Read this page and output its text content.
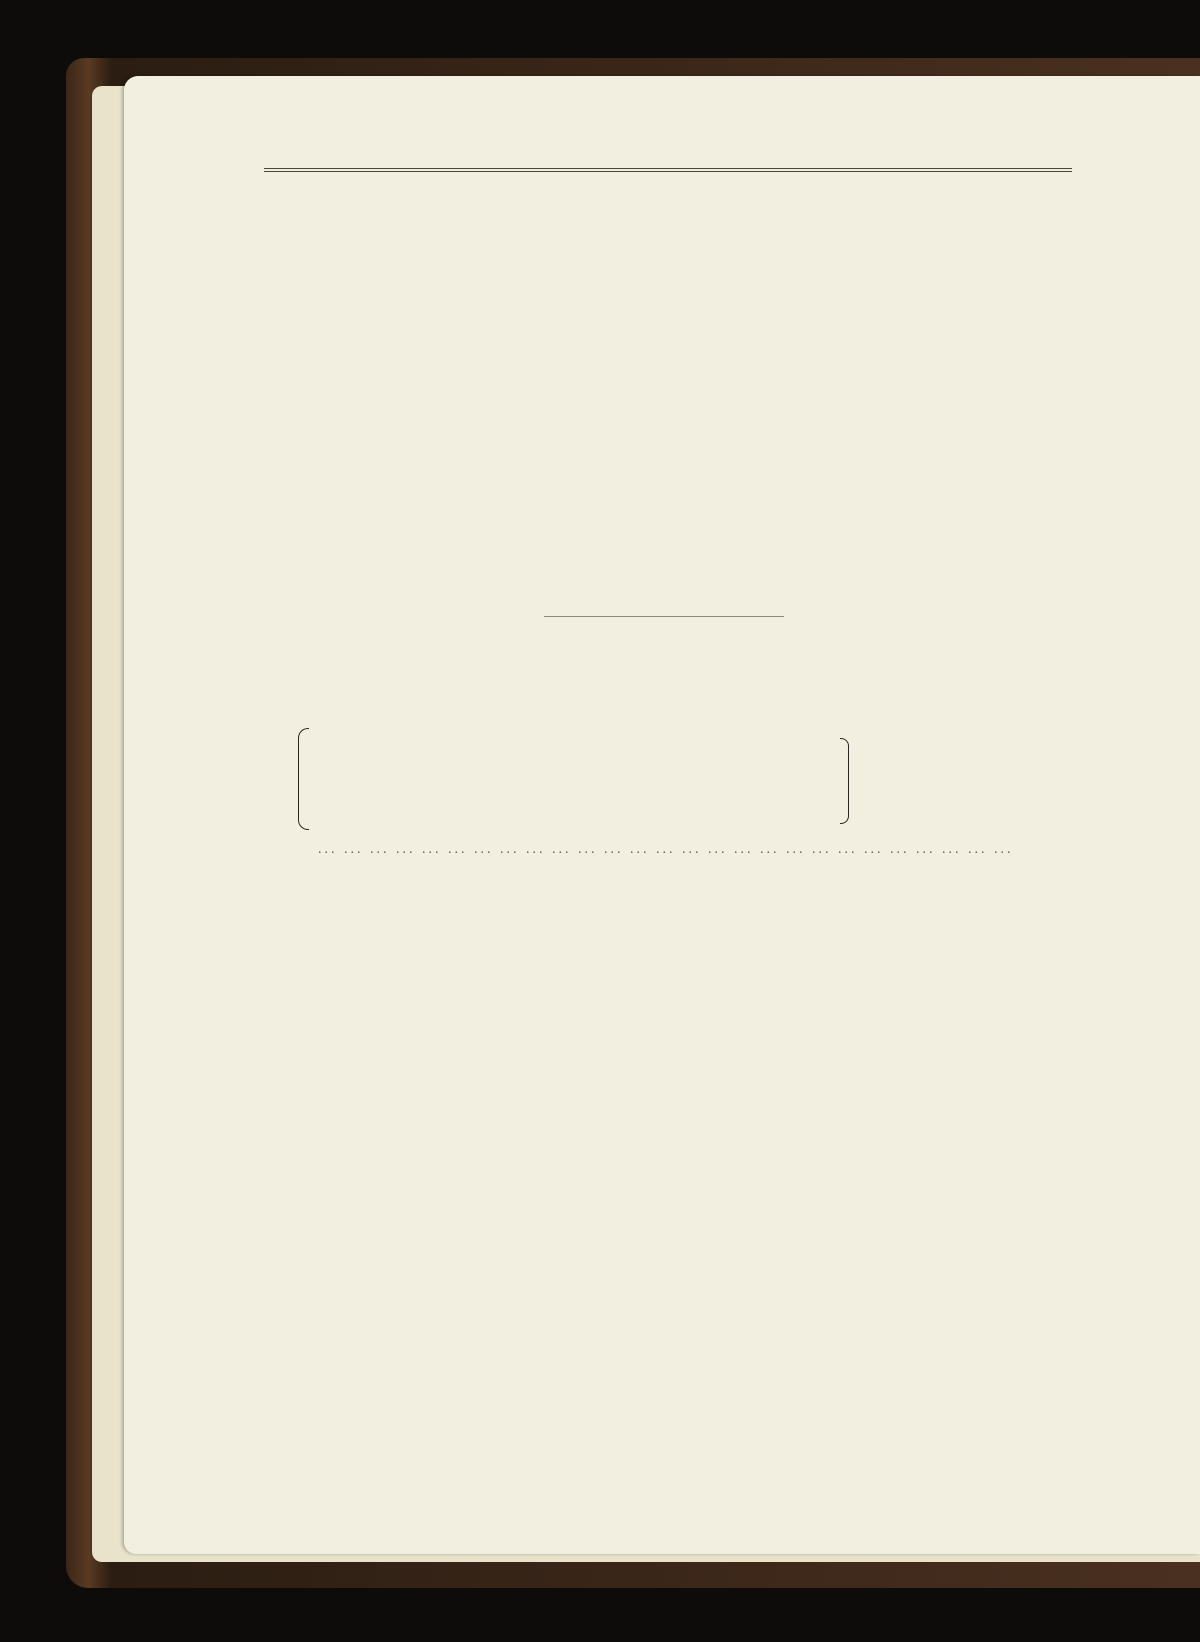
... .
